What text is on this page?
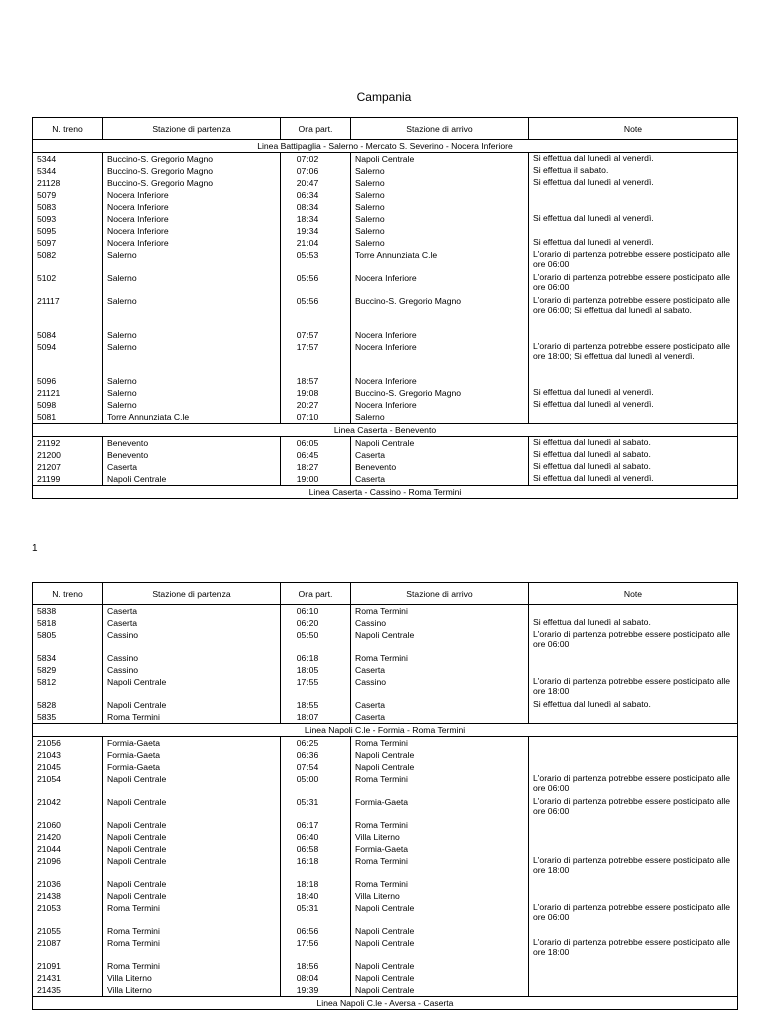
Campania
N. treno	Stazione di partenza	Ora part.	Stazione di arrivo	Note
Linea Battipaglia - Salerno - Mercato S. Severino - Nocera Inferiore				
5344	Buccino-S. Gregorio Magno	07:02	Napoli Centrale	Si effettua dal lunedì al venerdì.
5344	Buccino-S. Gregorio Magno	07:06	Salerno	Si effettua il sabato.
21128	Buccino-S. Gregorio Magno	20:47	Salerno	Si effettua dal lunedì al venerdì.
5079	Nocera Inferiore	06:34	Salerno	
5083	Nocera Inferiore	08:34	Salerno	
5093	Nocera Inferiore	18:34	Salerno	Si effettua dal lunedì al venerdì.
5095	Nocera Inferiore	19:34	Salerno	
5097	Nocera Inferiore	21:04	Salerno	Si effettua dal lunedì al venerdì.
5082	Salerno	05:53	Torre Annunziata C.le	L'orario di partenza potrebbe essere posticipato alle ore 06:00
5102	Salerno	05:56	Nocera Inferiore	L'orario di partenza potrebbe essere posticipato alle ore 06:00
21117	Salerno	05:56	Buccino-S. Gregorio Magno	L'orario di partenza potrebbe essere posticipato alle ore 06:00; Si effettua dal lunedì al sabato.
5084	Salerno	07:57	Nocera Inferiore	
5094	Salerno	17:57	Nocera Inferiore	L'orario di partenza potrebbe essere posticipato alle ore 18:00; Si effettua dal lunedì al venerdì.
5096	Salerno	18:57	Nocera Inferiore	
21121	Salerno	19:08	Buccino-S. Gregorio Magno	Si effettua dal lunedì al venerdì.
5098	Salerno	20:27	Nocera Inferiore	Si effettua dal lunedì al venerdì.
5081	Torre Annunziata C.le	07:10	Salerno	
Linea Caserta - Benevento				
21192	Benevento	06:05	Napoli Centrale	Si effettua dal lunedì al sabato.
21200	Benevento	06:45	Caserta	Si effettua dal lunedì al sabato.
21207	Caserta	18:27	Benevento	Si effettua dal lunedì al sabato.
21199	Napoli Centrale	19:00	Caserta	Si effettua dal lunedì al venerdì.
Linea Caserta - Cassino - Roma Termini				
1
N. treno	Stazione di partenza	Ora part.	Stazione di arrivo	Note
5838	Caserta	06:10	Roma Termini	
5818	Caserta	06:20	Cassino	Si effettua dal lunedì al sabato.
5805	Cassino	05:50	Napoli Centrale	L'orario di partenza potrebbe essere posticipato alle ore 06:00
5834	Cassino	06:18	Roma Termini	
5829	Cassino	18:05	Caserta	
5812	Napoli Centrale	17:55	Cassino	L'orario di partenza potrebbe essere posticipato alle ore 18:00
5828	Napoli Centrale	18:55	Caserta	Si effettua dal lunedì al sabato.
5835	Roma Termini	18:07	Caserta	
Linea Napoli C.le - Formia - Roma Termini				
21056	Formia-Gaeta	06:25	Roma Termini	
21043	Formia-Gaeta	06:36	Napoli Centrale	
21045	Formia-Gaeta	07:54	Napoli Centrale	
21054	Napoli Centrale	05:00	Roma Termini	L'orario di partenza potrebbe essere posticipato alle ore 06:00
21042	Napoli Centrale	05:31	Formia-Gaeta	L'orario di partenza potrebbe essere posticipato alle ore 06:00
21060	Napoli Centrale	06:17	Roma Termini	
21420	Napoli Centrale	06:40	Villa Literno	
21044	Napoli Centrale	06:58	Formia-Gaeta	
21096	Napoli Centrale	16:18	Roma Termini	L'orario di partenza potrebbe essere posticipato alle ore 18:00
21036	Napoli Centrale	18:18	Roma Termini	
21438	Napoli Centrale	18:40	Villa Literno	
21053	Roma Termini	05:31	Napoli Centrale	L'orario di partenza potrebbe essere posticipato alle ore 06:00
21055	Roma Termini	06:56	Napoli Centrale	
21087	Roma Termini	17:56	Napoli Centrale	L'orario di partenza potrebbe essere posticipato alle ore 18:00
21091	Roma Termini	18:56	Napoli Centrale	
21431	Villa Literno	08:04	Napoli Centrale	
21435	Villa Literno	19:39	Napoli Centrale	
Linea Napoli C.le - Aversa - Caserta				
